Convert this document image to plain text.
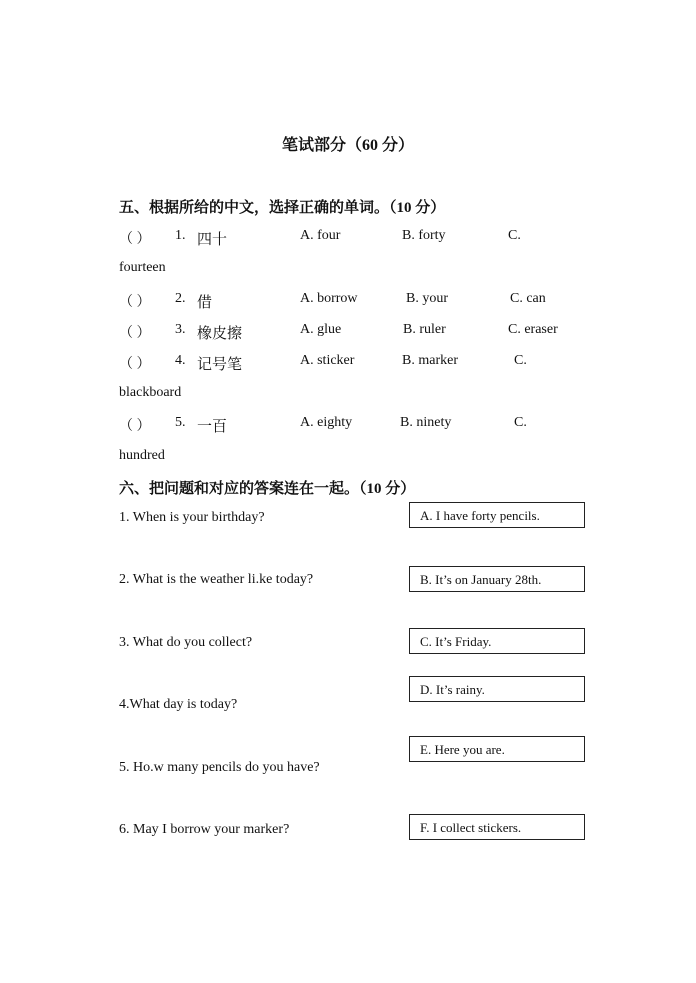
笔试部分（60 分）
五、根据所给的中文，选择正确的单词。（10 分）
（ ） 1. 四十	A. four	B. forty	C.
fourteen
（ ） 2. 借	A. borrow	B. your	C. can
（ ） 3. 橡皮擦	A. glue	B. ruler	C. eraser
（ ） 4. 记号笔	A. sticker	B. marker	C.
blackboard
（ ） 5. 一百	A. eighty	B. ninety	C.
hundred
六、把问题和对应的答案连在一起。（10 分）
1. When is your birthday?
2. What is the weather li.ke today?
3. What do you collect?
4.What day is today?
5. Ho.w many pencils do you have?
6. May I borrow your marker?
A. I have forty pencils.
B. It’s on January 28th.
C. It’s Friday.
D. It’s rainy.
E. Here you are.
F. I collect stickers.
